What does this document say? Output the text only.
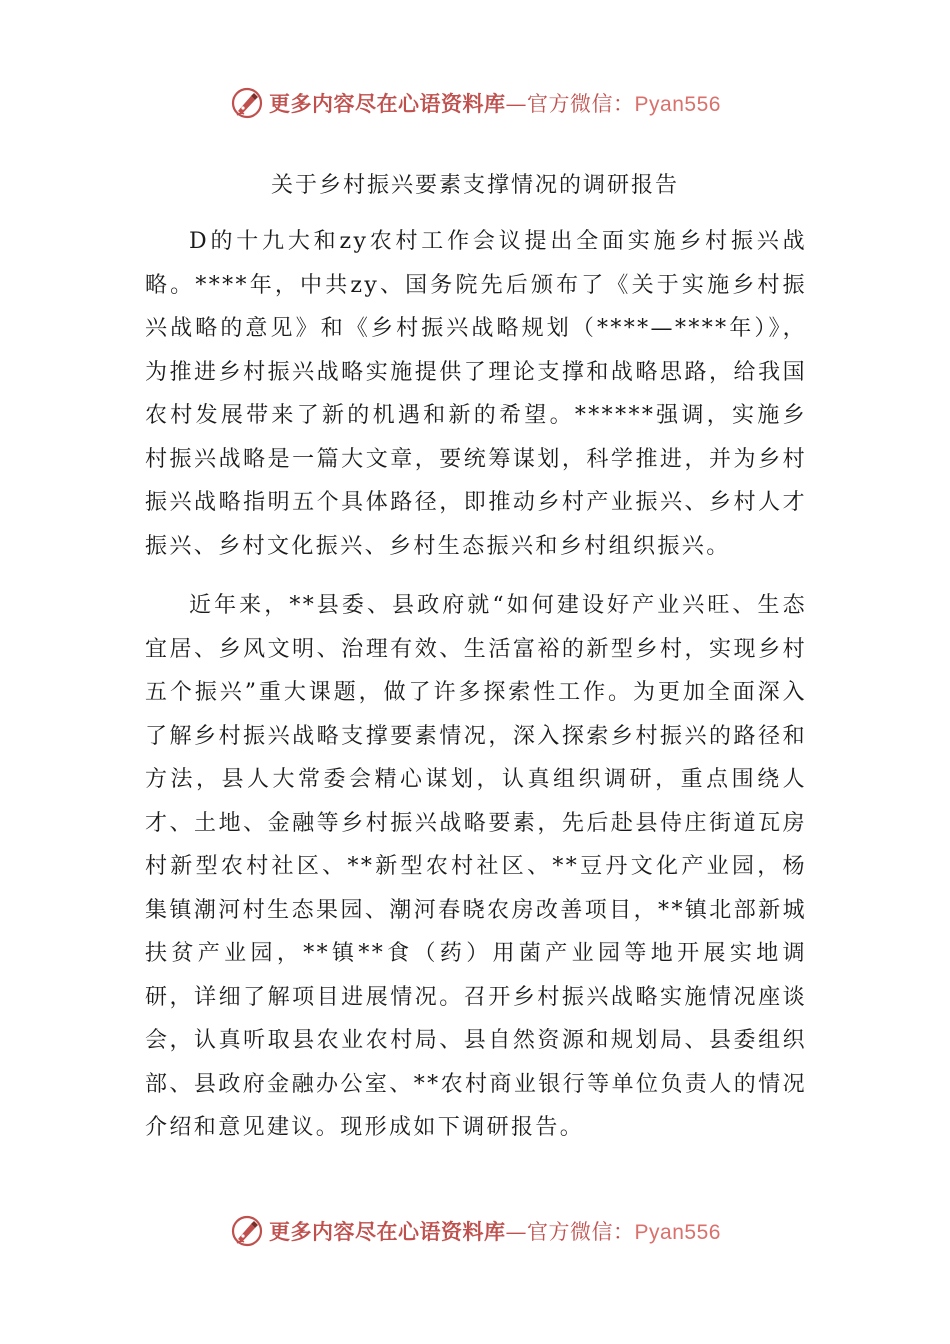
更多内容尽在心语资料库—官方微信：Pyan556
关于乡村振兴要素支撑情况的调研报告

D的十九大和zy农村工作会议提出全面实施乡村振兴战略。****年，中共zy、国务院先后颁布了《关于实施乡村振兴战略的意见》和《乡村振兴战略规划（****—****年）》，为推进乡村振兴战略实施提供了理论支撑和战略思路，给我国农村发展带来了新的机遇和新的希望。******强调，实施乡村振兴战略是一篇大文章，要统筹谋划，科学推进，并为乡村振兴战略指明五个具体路径，即推动乡村产业振兴、乡村人才振兴、乡村文化振兴、乡村生态振兴和乡村组织振兴。

近年来，**县委、县政府就“如何建设好产业兴旺、生态宜居、乡风文明、治理有效、生活富裕的新型乡村，实现乡村五个振兴”重大课题，做了许多探索性工作。为更加全面深入了解乡村振兴战略支撑要素情况，深入探索乡村振兴的路径和方法，县人大常委会精心谋划，认真组织调研，重点围绕人才、土地、金融等乡村振兴战略要素，先后赴县侍庄街道瓦房村新型农村社区、**新型农村社区、**豆丹文化产业园，杨集镇潮河村生态果园、潮河春晓农房改善项目，**镇北部新城扶贫产业园，**镇**食（药）用菌产业园等地开展实地调研，详细了解项目进展情况。召开乡村振兴战略实施情况座谈会，认真听取县农业农村局、县自然资源和规划局、县委组织部、县政府金融办公室、**农村商业银行等单位负责人的情况介绍和意见建议。现形成如下调研报告。

更多内容尽在心语资料库—官方微信：Pyan556
